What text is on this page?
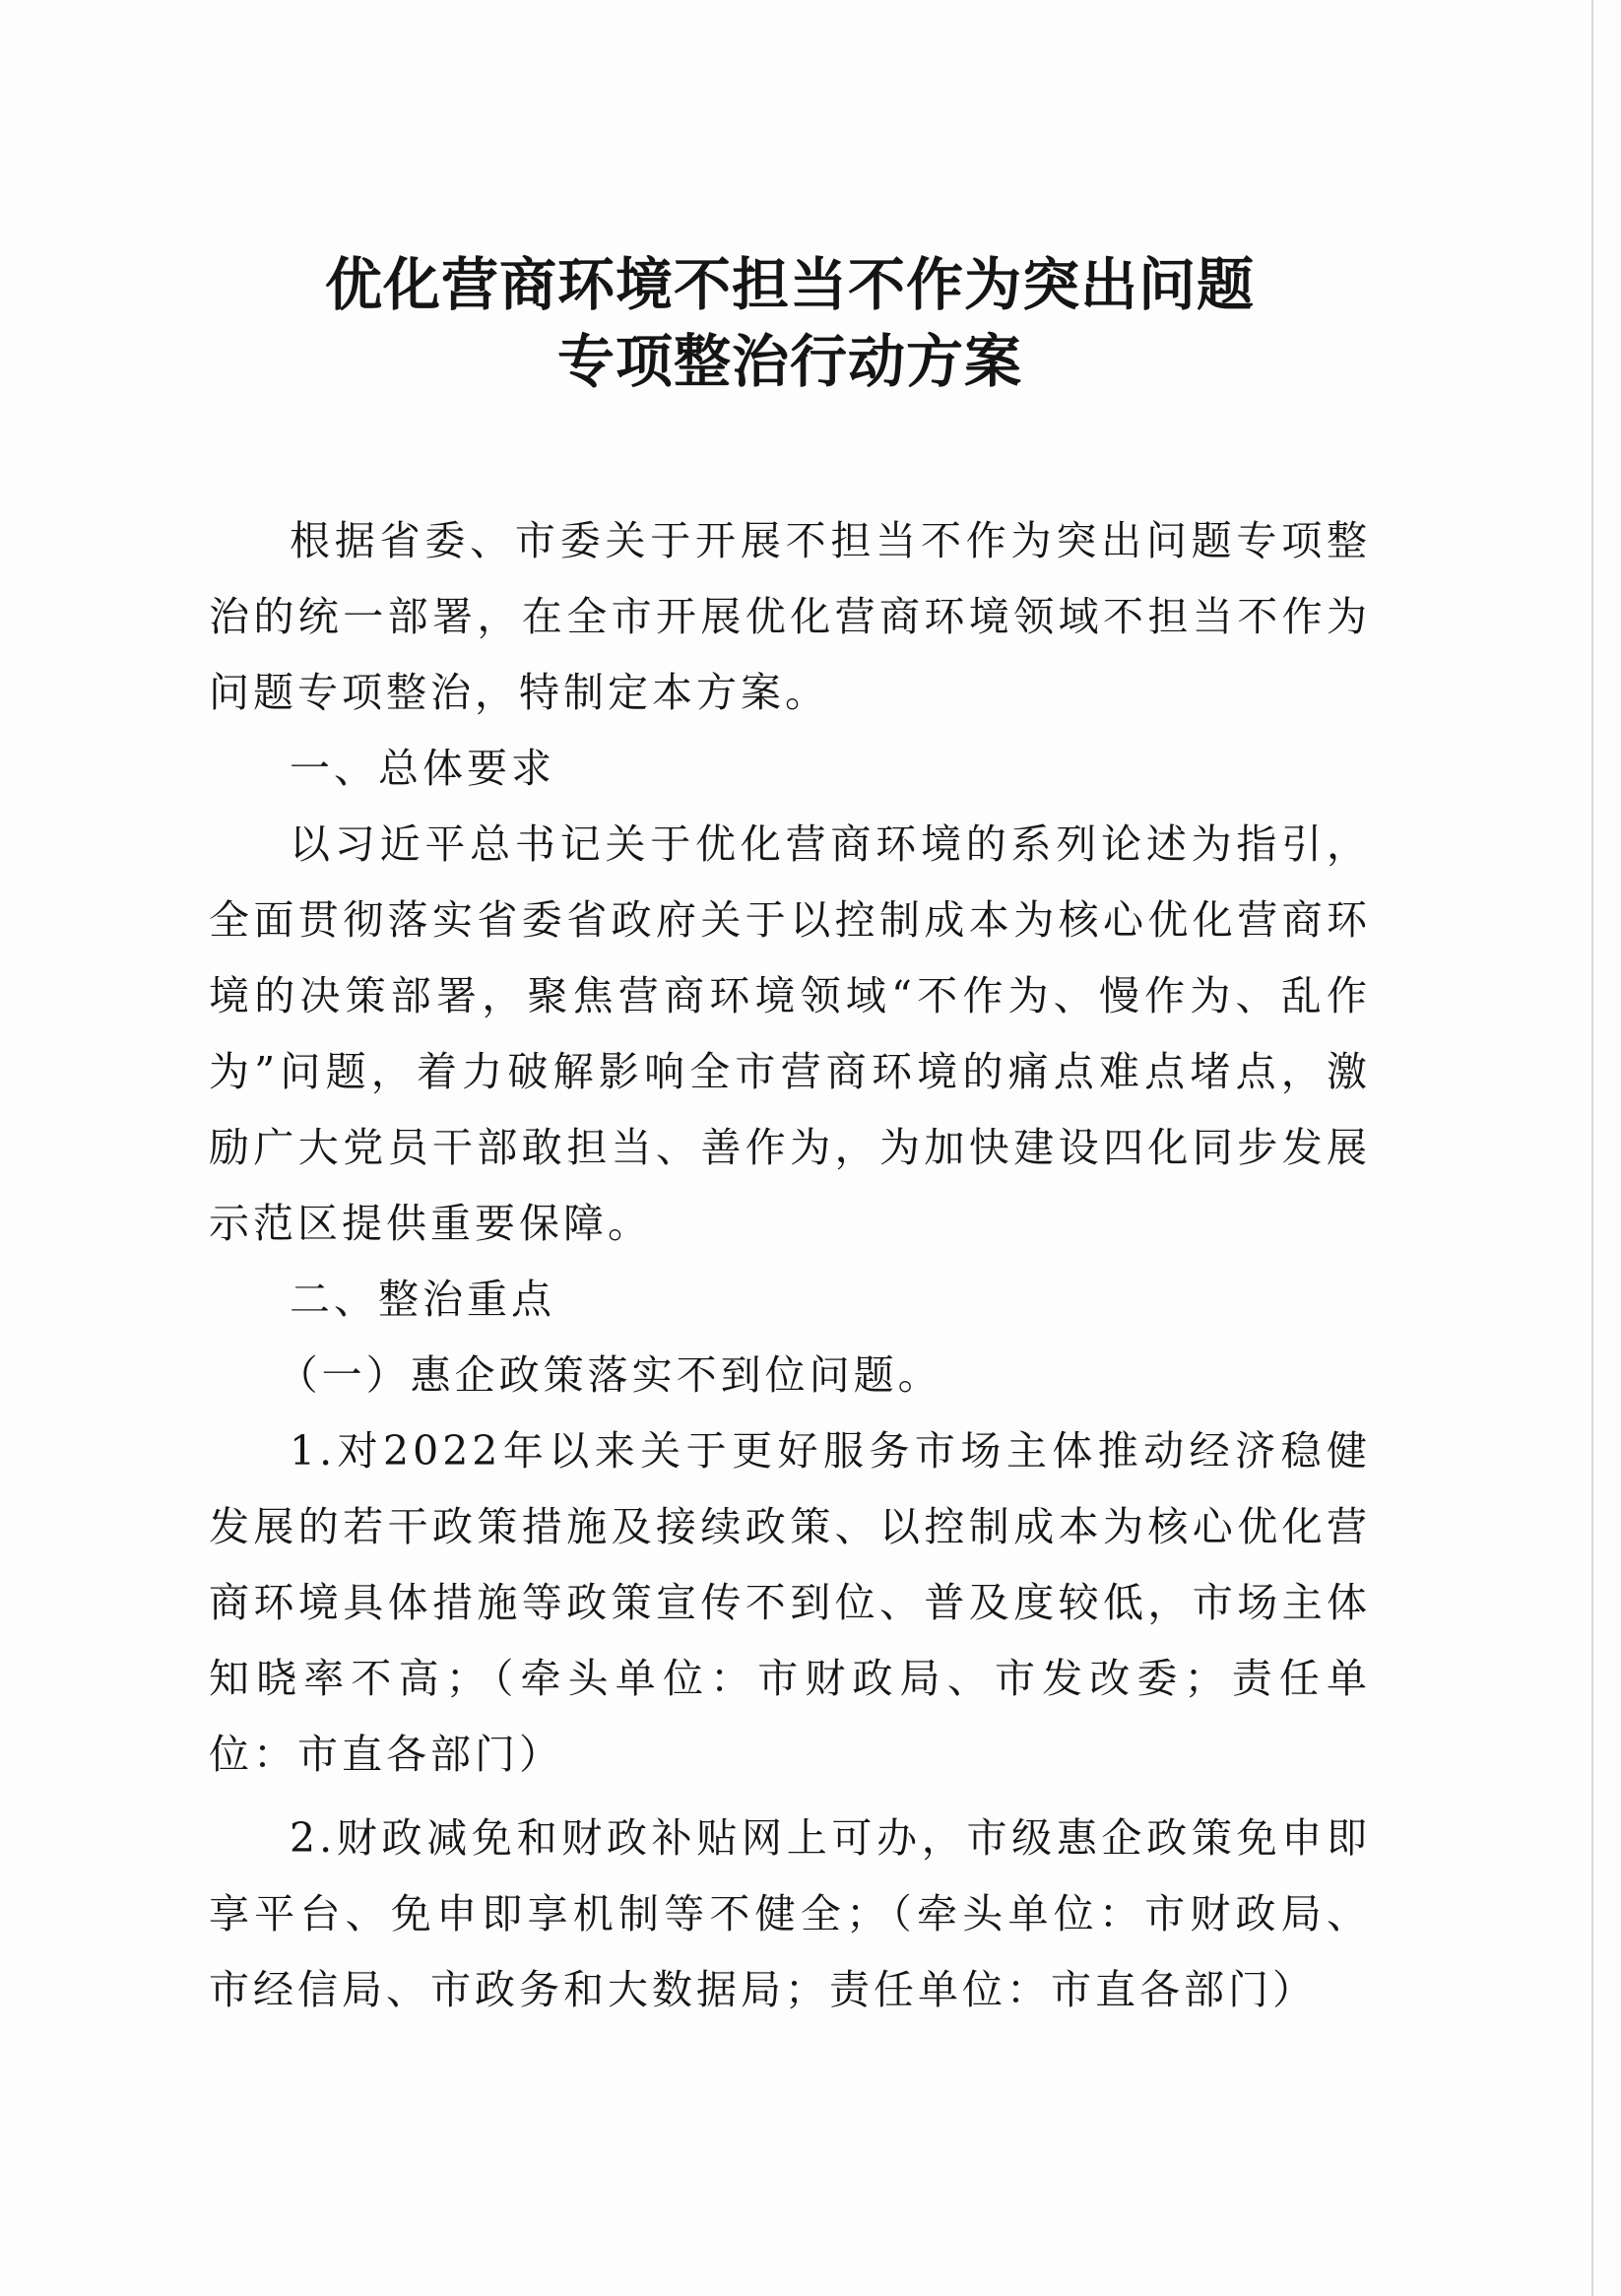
优化营商环境不担当不作为突出问题
专项整治行动方案

根据省委、市委关于开展不担当不作为突出问题专项整治的统一部署，在全市开展优化营商环境领域不担当不作为问题专项整治，特制定本方案。

一、总体要求

以习近平总书记关于优化营商环境的系列论述为指引，全面贯彻落实省委省政府关于以控制成本为核心优化营商环境的决策部署，聚焦营商环境领域“不作为、慢作为、乱作为”问题，着力破解影响全市营商环境的痛点难点堵点，激励广大党员干部敢担当、善作为，为加快建设四化同步发展示范区提供重要保障。

二、整治重点

（一）惠企政策落实不到位问题。

1.对2022年以来关于更好服务市场主体推动经济稳健发展的若干政策措施及接续政策、以控制成本为核心优化营商环境具体措施等政策宣传不到位、普及度较低，市场主体知晓率不高；（牵头单位：市财政局、市发改委；责任单位：市直各部门）

2.财政减免和财政补贴网上可办，市级惠企政策免申即享平台、免申即享机制等不健全；（牵头单位：市财政局、市经信局、市政务和大数据局；责任单位：市直各部门）
